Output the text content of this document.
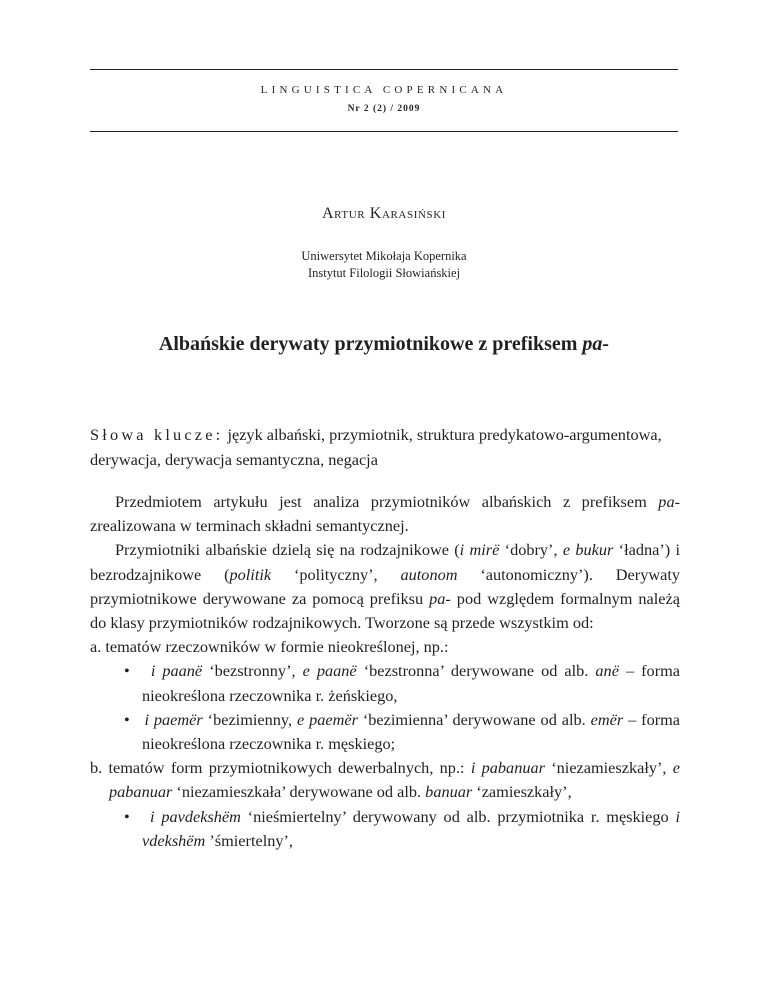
LINGUISTICA COPERNICANA
Nr 2 (2) / 2009
Artur Karasiński
Uniwersytet Mikołaja Kopernika
Instytut Filologii Słowiańskiej
Albańskie derywaty przymiotnikowe z prefiksem pa-
Słowa klucze: język albański, przymiotnik, struktura predykatowo-argumentowa, derywacja, derywacja semantyczna, negacja

Przedmiotem artykułu jest analiza przymiotników albańskich z prefiksem pa- zrealizowana w terminach składni semantycznej.

Przymiotniki albańskie dzielą się na rodzajnikowe (i mirë ‘dobry’, e bukur ‘ładna’) i bezrodzajnikowe (politik ‘polityczny’, autonom ‘autonomiczny’). Derywaty przymiotnikowe derywowane za pomocą prefiksu pa- pod względem formalnym należą do klasy przymiotników rodzajnikowych. Tworzone są przede wszystkim od:

a. tematów rzeczowników w formie nieokreślonej, np.:

• i paanë ‘bezstronny’, e paanë ‘bezstronna’ derywowane od alb. anë – forma nieokreślona rzeczownika r. żeńskiego,

• i paemër ‘bezimienny, e paemër ‘bezimienna’ derywowane od alb. emër – forma nieokreślona rzeczownika r. męskiego;

b. tematów form przymiotnikowych dewerbalnych, np.: i pabanuar ‘niezamieszkały’, e pabanuar ‘niezamieszkała’ derywowane od alb. banuar ‘zamieszkały’,

• i pavdekshëm ‘nieśmiertelny’ derywowany od alb. przymiotnika r. męskiego i vdekshëm ’śmiertelny’,
